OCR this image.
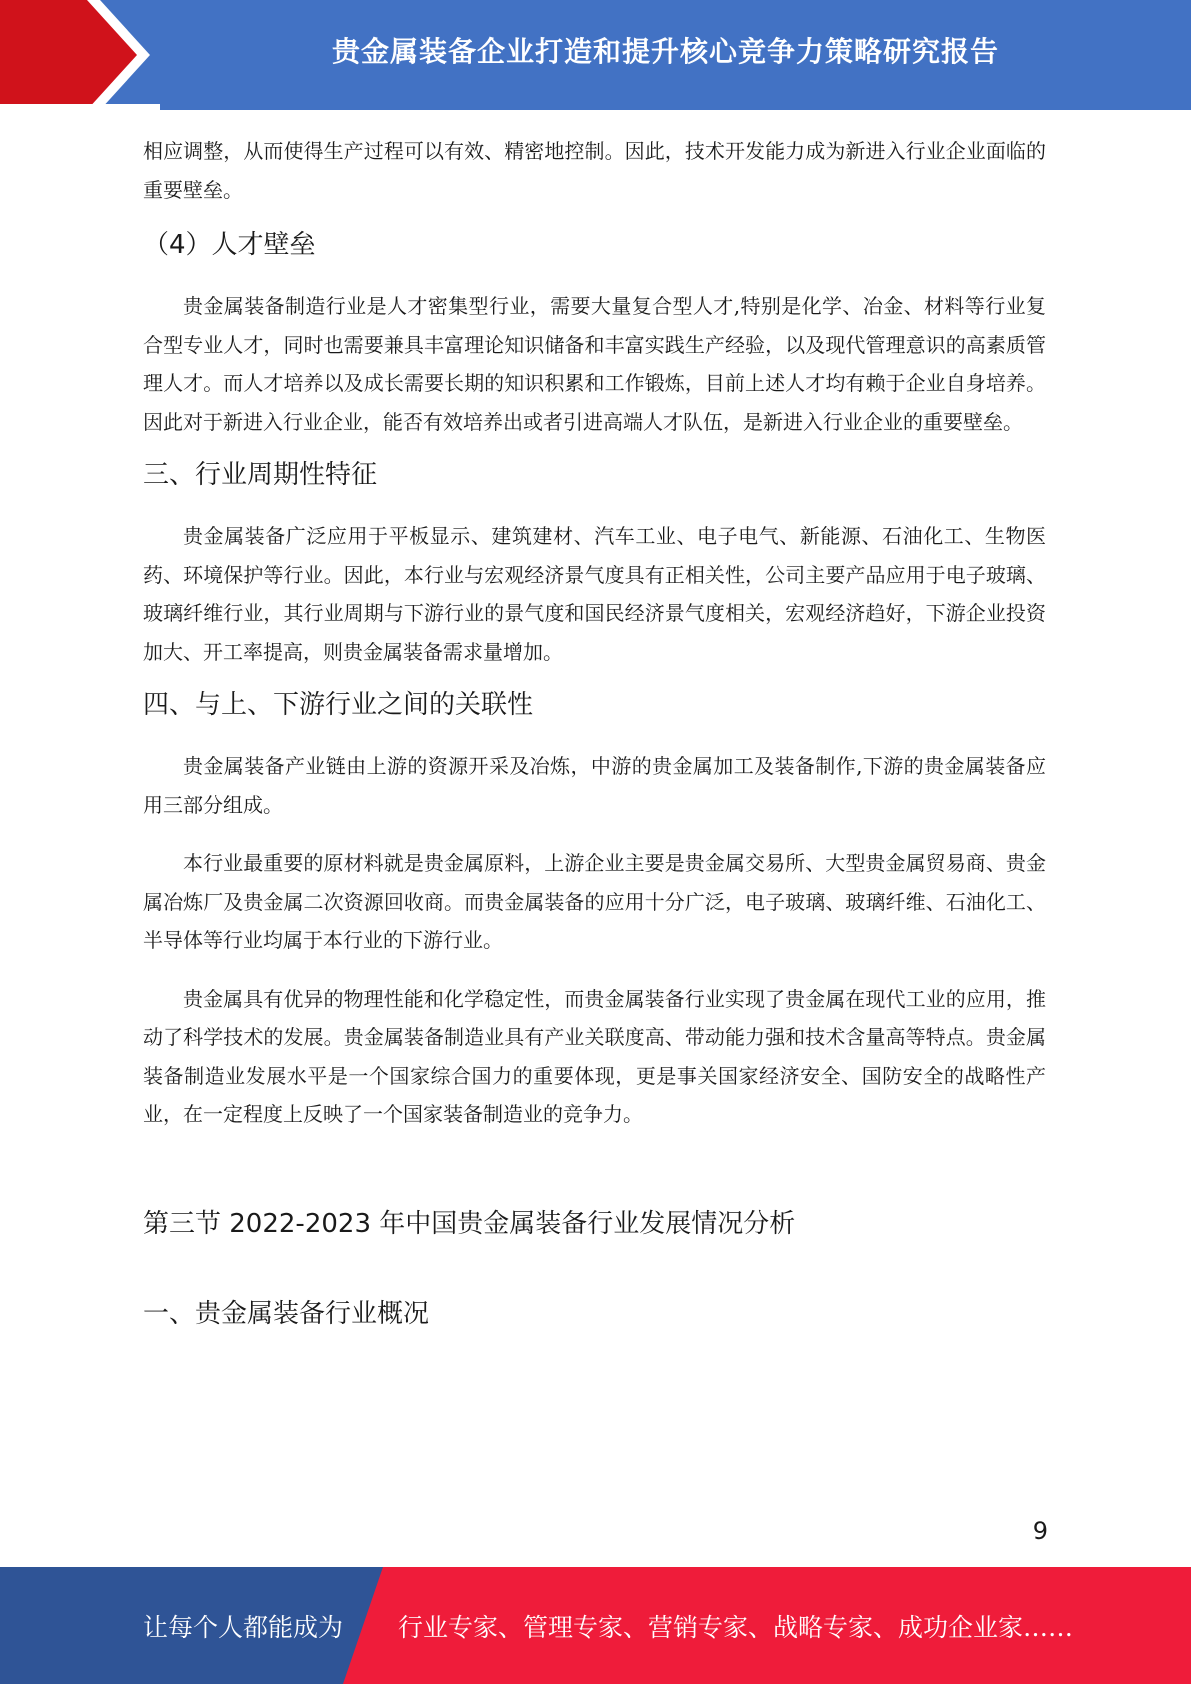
贵金属装备企业打造和提升核心竞争力策略研究报告

相应调整，从而使得生产过程可以有效、精密地控制。因此，技术开发能力成为新进入行业企业面临的重要壁垒。

（4）人才壁垒

贵金属装备制造行业是人才密集型行业，需要大量复合型人才,特别是化学、冶金、材料等行业复合型专业人才，同时也需要兼具丰富理论知识储备和丰富实践生产经验，以及现代管理意识的高素质管理人才。而人才培养以及成长需要长期的知识积累和工作锻炼，目前上述人才均有赖于企业自身培养。因此对于新进入行业企业，能否有效培养出或者引进高端人才队伍，是新进入行业企业的重要壁垒。

三、行业周期性特征

贵金属装备广泛应用于平板显示、建筑建材、汽车工业、电子电气、新能源、石油化工、生物医药、环境保护等行业。因此，本行业与宏观经济景气度具有正相关性，公司主要产品应用于电子玻璃、玻璃纤维行业，其行业周期与下游行业的景气度和国民经济景气度相关，宏观经济趋好，下游企业投资加大、开工率提高，则贵金属装备需求量增加。

四、与上、下游行业之间的关联性

贵金属装备产业链由上游的资源开采及冶炼，中游的贵金属加工及装备制作,下游的贵金属装备应用三部分组成。

本行业最重要的原材料就是贵金属原料，上游企业主要是贵金属交易所、大型贵金属贸易商、贵金属冶炼厂及贵金属二次资源回收商。而贵金属装备的应用十分广泛，电子玻璃、玻璃纤维、石油化工、半导体等行业均属于本行业的下游行业。

贵金属具有优异的物理性能和化学稳定性，而贵金属装备行业实现了贵金属在现代工业的应用，推动了科学技术的发展。贵金属装备制造业具有产业关联度高、带动能力强和技术含量高等特点。贵金属装备制造业发展水平是一个国家综合国力的重要体现，更是事关国家经济安全、国防安全的战略性产业，在一定程度上反映了一个国家装备制造业的竞争力。

第三节 2022-2023 年中国贵金属装备行业发展情况分析
一、贵金属装备行业概况
9
让每个人都能成为 行业专家、管理专家、营销专家、战略专家、成功企业家……
